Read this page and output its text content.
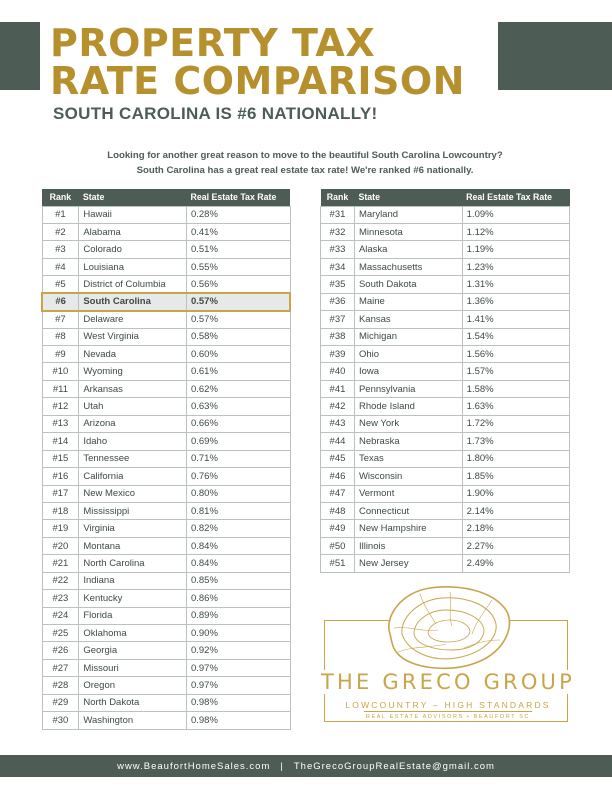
PROPERTY TAX
RATE COMPARISON
SOUTH CAROLINA IS #6 NATIONALLY!
Looking for another great reason to move to the beautiful South Carolina Lowcountry?
South Carolina has a great real estate tax rate! We're ranked #6 nationally.
Rank	State	Real Estate Tax Rate
#1	Hawaii	0.28%
#2	Alabama	0.41%
#3	Colorado	0.51%
#4	Louisiana	0.55%
#5	District of Columbia	0.56%
#6	South Carolina	0.57%
#7	Delaware	0.57%
#8	West Virginia	0.58%
#9	Nevada	0.60%
#10	Wyoming	0.61%
#11	Arkansas	0.62%
#12	Utah	0.63%
#13	Arizona	0.66%
#14	Idaho	0.69%
#15	Tennessee	0.71%
#16	California	0.76%
#17	New Mexico	0.80%
#18	Mississippi	0.81%
#19	Virginia	0.82%
#20	Montana	0.84%
#21	North Carolina	0.84%
#22	Indiana	0.85%
#23	Kentucky	0.86%
#24	Florida	0.89%
#25	Oklahoma	0.90%
#26	Georgia	0.92%
#27	Missouri	0.97%
#28	Oregon	0.97%
#29	North Dakota	0.98%
#30	Washington	0.98%
Rank	State	Real Estate Tax Rate
#31	Maryland	1.09%
#32	Minnesota	1.12%
#33	Alaska	1.19%
#34	Massachusetts	1.23%
#35	South Dakota	1.31%
#36	Maine	1.36%
#37	Kansas	1.41%
#38	Michigan	1.54%
#39	Ohio	1.56%
#40	Iowa	1.57%
#41	Pennsylvania	1.58%
#42	Rhode Island	1.63%
#43	New York	1.72%
#44	Nebraska	1.73%
#45	Texas	1.80%
#46	Wisconsin	1.85%
#47	Vermont	1.90%
#48	Connecticut	2.14%
#49	New Hampshire	2.18%
#50	Illinois	2.27%
#51	New Jersey	2.49%
THE GRECO GROUP
LOWCOUNTRY – HIGH STANDARDS
REAL ESTATE ADVISORS • BEAUFORT SC
www.BeaufortHomeSales.com | TheGrecoGroupRealEstate@gmail.com
